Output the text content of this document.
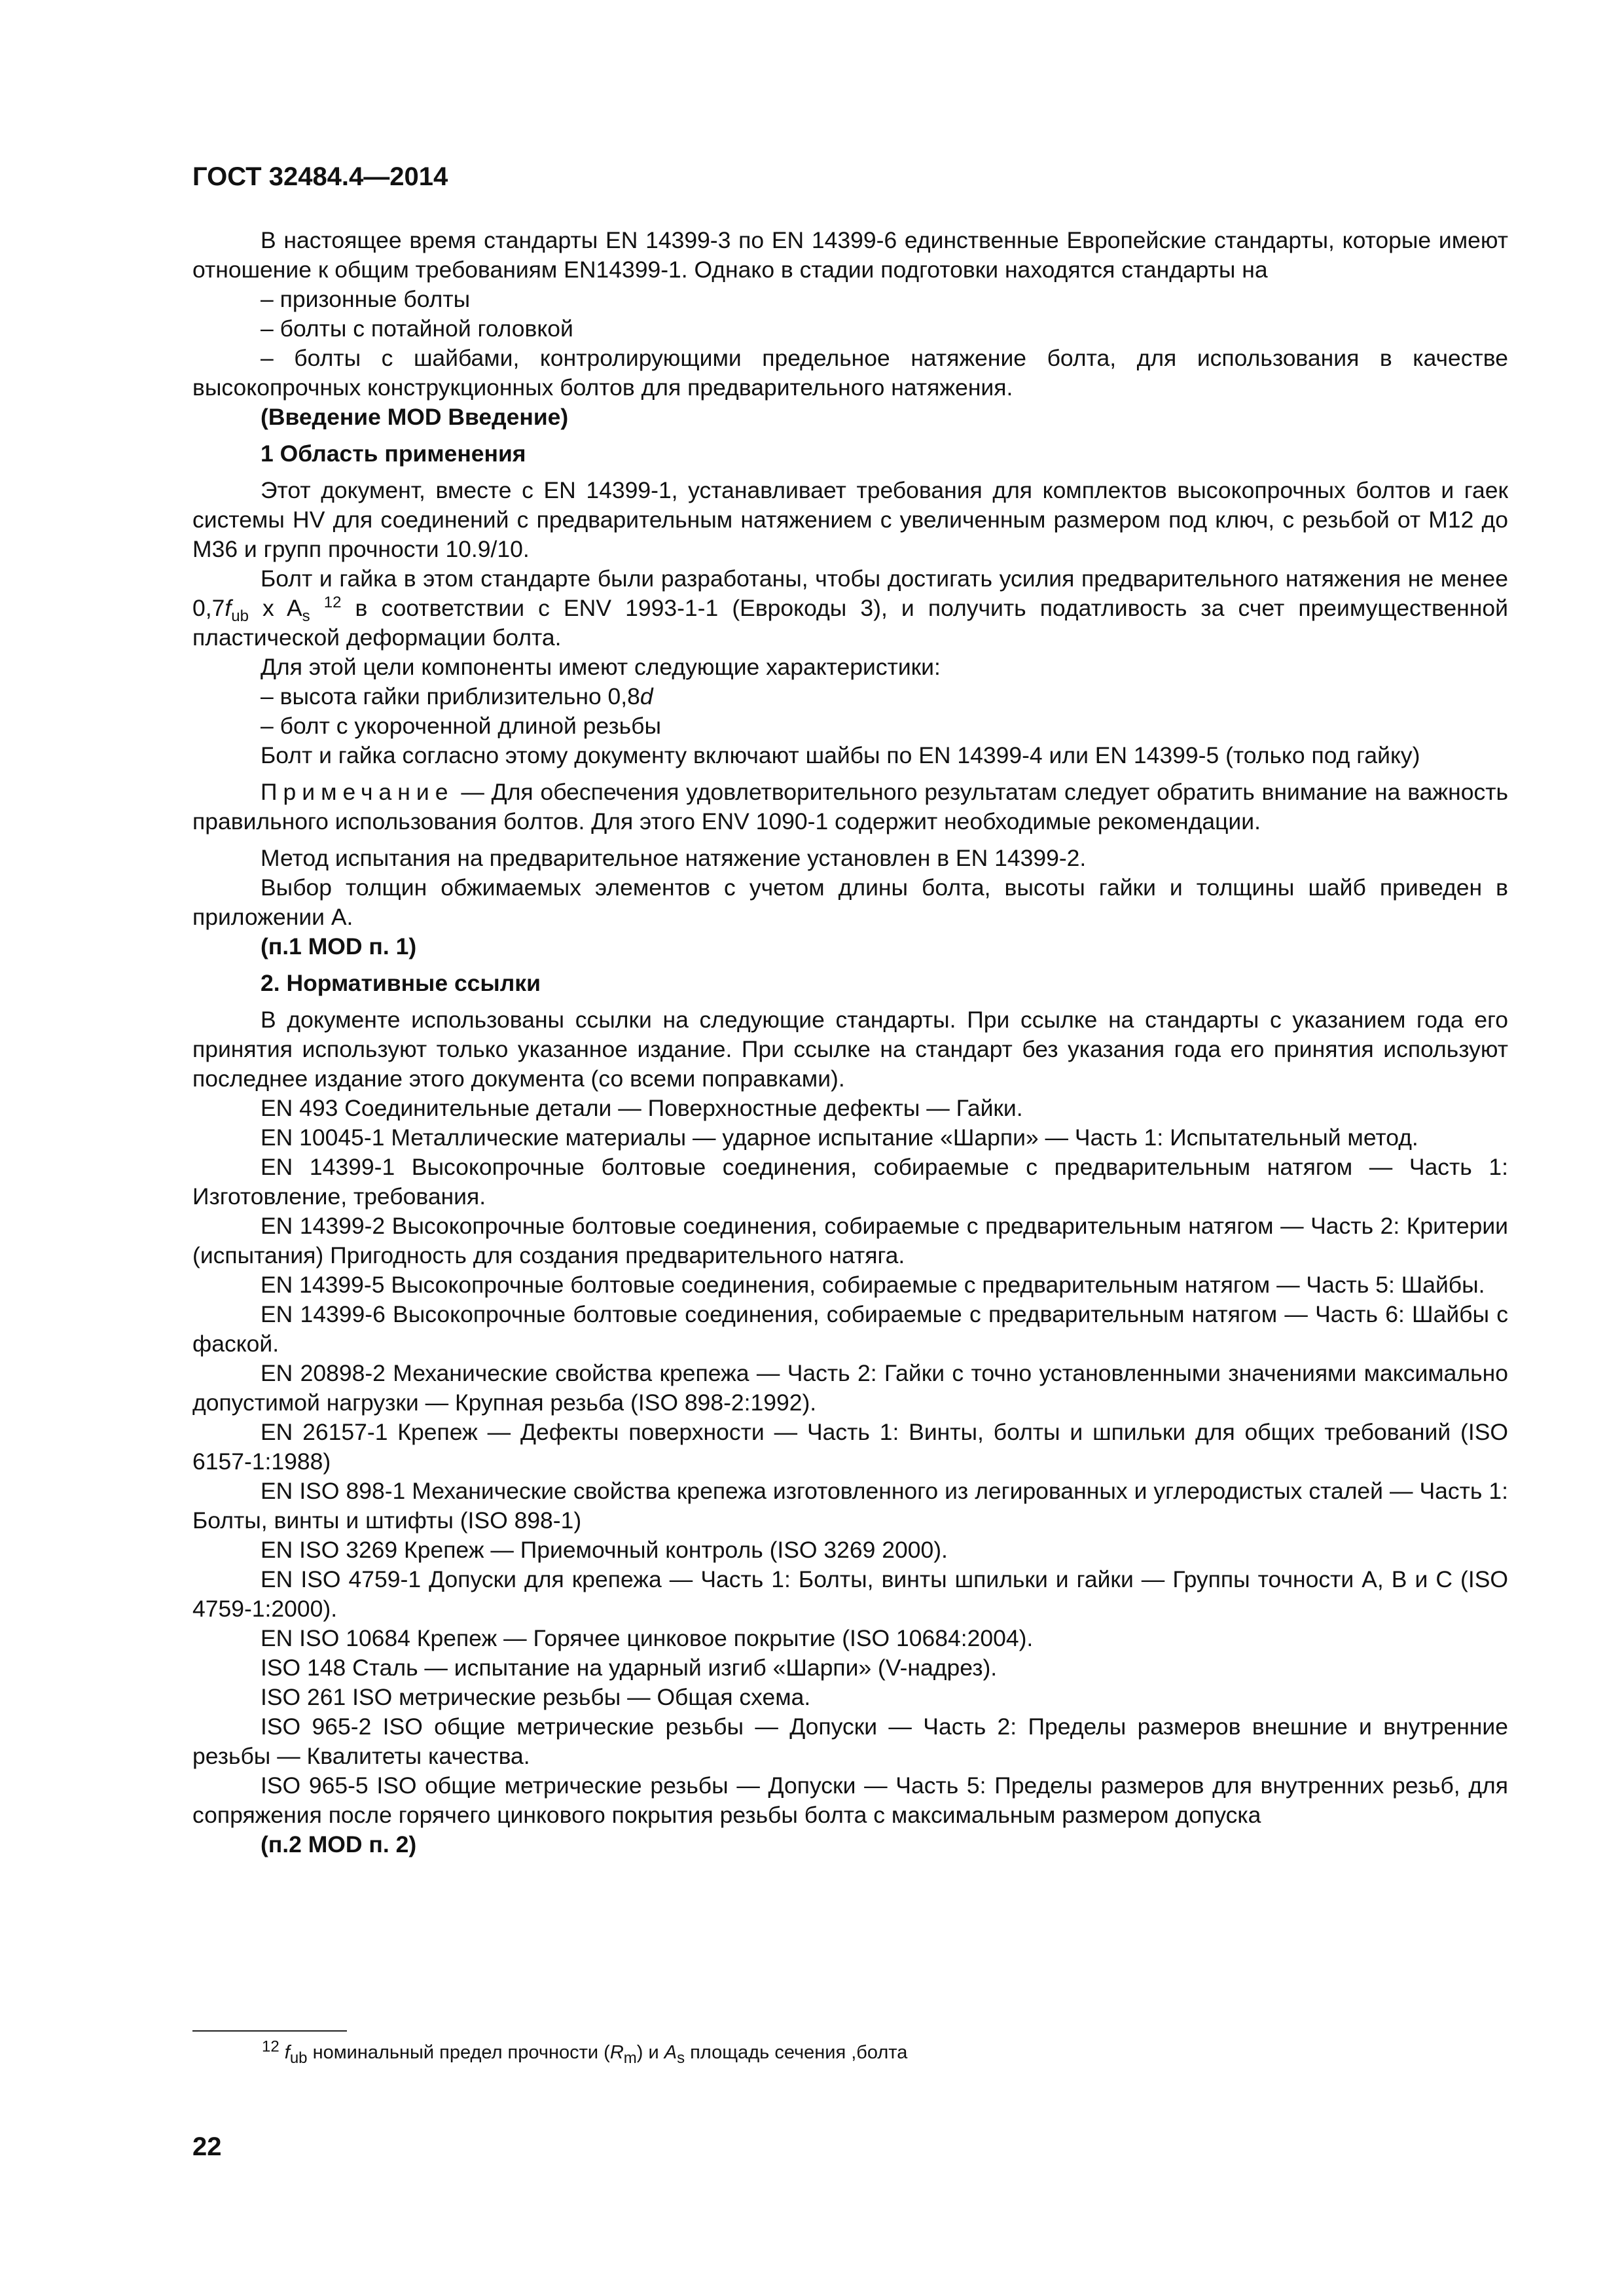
ГОСТ 32484.4—2014

В настоящее время стандарты EN 14399-3 по EN 14399-6 единственные Европейские стандарты, которые имеют отношение к общим требованиям EN14399-1. Однако в стадии подготовки находятся стандарты на

– призонные болты

– болты с потайной головкой

– болты с шайбами, контролирующими предельное натяжение болта, для использования в качестве высокопрочных конструкционных болтов для предварительного натяжения.

(Введение MOD Введение)

1 Область применения

Этот документ, вместе с EN 14399-1, устанавливает требования для комплектов высокопрочных болтов и гаек системы HV для соединений с предварительным натяжением с увеличенным размером под ключ, с резьбой от M12 до M36 и групп прочности 10.9/10.

Болт и гайка в этом стандарте были разработаны, чтобы достигать усилия предварительного натяжения не менее $0,7f_{ub}$ x $A_s$ $^{12}$ в соответствии с ENV 1993-1-1 (Еврокоды 3), и получить податливость за счет преимущественной пластической деформации болта.

Для этой цели компоненты имеют следующие характеристики:

– высота гайки приблизительно 0,8d

– болт с укороченной длиной резьбы

Болт и гайка согласно этому документу включают шайбы по EN 14399-4 или EN 14399-5 (только под гайку)

Примечание — Для обеспечения удовлетворительного результатам следует обратить внимание на важность правильного использования болтов. Для этого ENV 1090-1 содержит необходимые рекомендации.

Метод испытания на предварительное натяжение установлен в EN 14399-2.

Выбор толщин обжимаемых элементов с учетом длины болта, высоты гайки и толщины шайб приведен в приложении А.

(п.1 MOD п. 1)

2. Нормативные ссылки

В документе использованы ссылки на следующие стандарты. При ссылке на стандарты с указанием года его принятия используют только указанное издание. При ссылке на стандарт без указания года его принятия используют последнее издание этого документа (со всеми поправками).

EN 493 Соединительные детали — Поверхностные дефекты — Гайки.

EN 10045-1 Металлические материалы — ударное испытание «Шарпи» — Часть 1: Испытательный метод.

EN 14399-1 Высокопрочные болтовые соединения, собираемые с предварительным натягом — Часть 1: Изготовление, требования.

EN 14399-2 Высокопрочные болтовые соединения, собираемые с предварительным натягом — Часть 2: Критерии (испытания) Пригодность для создания предварительного натяга.

EN 14399-5 Высокопрочные болтовые соединения, собираемые с предварительным натягом — Часть 5: Шайбы.

EN 14399-6 Высокопрочные болтовые соединения, собираемые с предварительным натягом — Часть 6: Шайбы с фаской.

EN 20898-2 Механические свойства крепежа — Часть 2: Гайки с точно установленными значениями максимально допустимой нагрузки — Крупная резьба (ISO 898-2:1992).

EN 26157-1 Крепеж — Дефекты поверхности — Часть 1: Винты, болты и шпильки для общих требований (ISO 6157-1:1988)

EN ISO 898-1 Механические свойства крепежа изготовленного из легированных и углеродистых сталей — Часть 1: Болты, винты и штифты (ISO 898-1)

EN ISO 3269 Крепеж — Приемочный контроль (ISO 3269 2000).

EN ISO 4759-1 Допуски для крепежа — Часть 1: Болты, винты шпильки и гайки — Группы точности А, В и С (ISO 4759-1:2000).

EN ISO 10684 Крепеж — Горячее цинковое покрытие (ISO 10684:2004).

ISO 148 Сталь — испытание на ударный изгиб «Шарпи» (V-надрез).

ISO 261 ISO метрические резьбы — Общая схема.

ISO 965-2 ISO общие метрические резьбы — Допуски — Часть 2: Пределы размеров внешние и внутренние резьбы — Квалитеты качества.

ISO 965-5 ISO общие метрические резьбы — Допуски — Часть 5: Пределы размеров для внутренних резьб, для сопряжения после горячего цинкового покрытия резьбы болта с максимальным размером допуска

(п.2 MOD п. 2)

$^{12}$ $f_{ub}$ номинальный предел прочности $(R_m)$ и $A_s$ площадь сечения ,болта
22
